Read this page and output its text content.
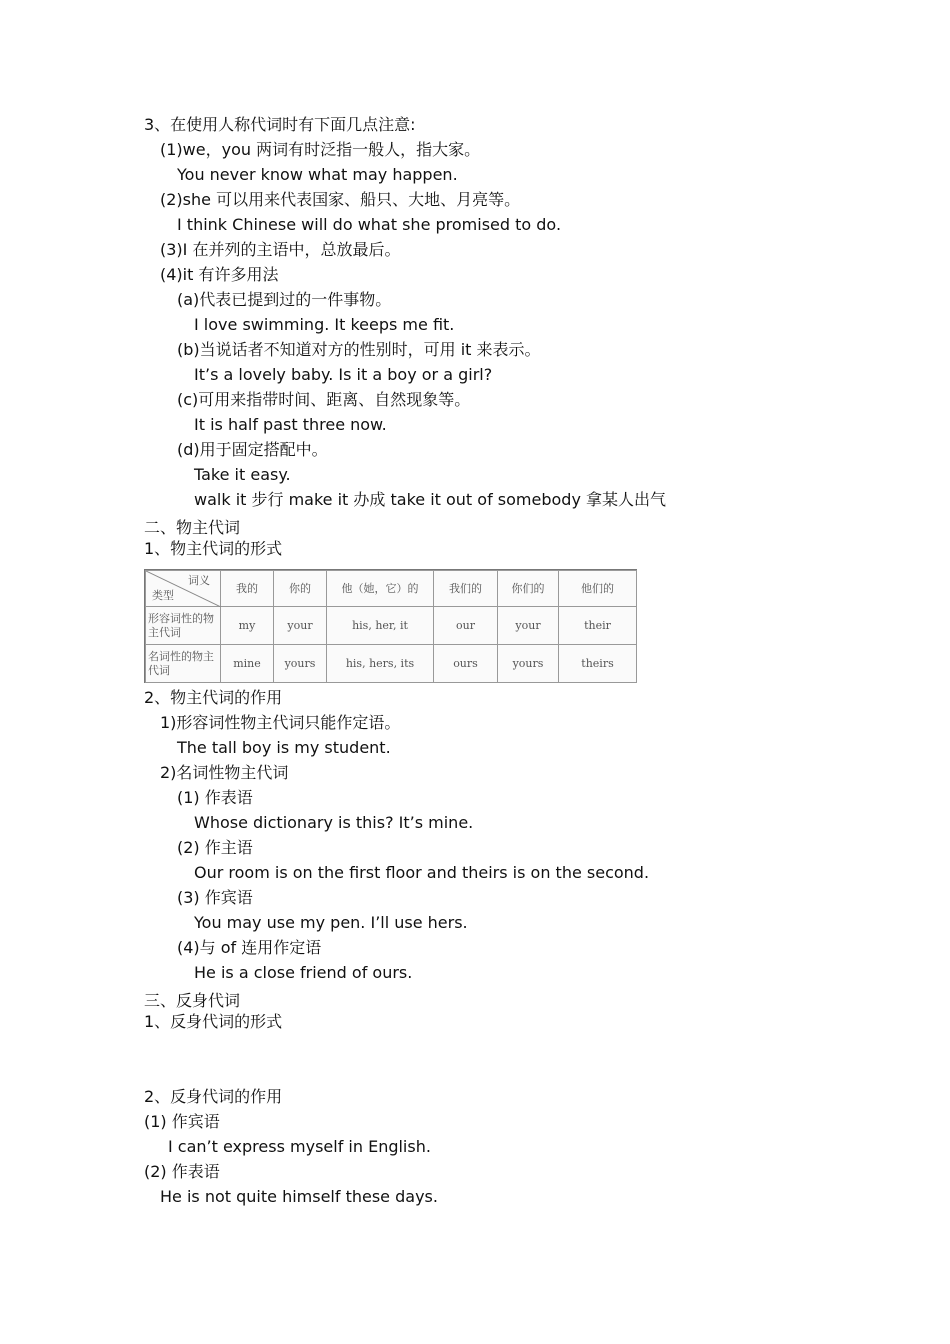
3、在使用人称代词时有下面几点注意:
(1)we，you 两词有时泛指一般人，指大家。
You never know what may happen.
(2)she 可以用来代表国家、船只、大地、月亮等。
I think Chinese will do what she promised to do.
(3)I 在并列的主语中，总放最后。
(4)it 有许多用法
(a)代表已提到过的一件事物。
I love swimming. It keeps me fit.
(b)当说话者不知道对方的性别时，可用 it 来表示。
It’s a lovely baby. Is it a boy or a girl?
(c)可用来指带时间、距离、自然现象等。
It is half past three now.
(d)用于固定搭配中。
Take it easy.
walk it 步行 make it 办成 take it out of somebody 拿某人出气
二、物主代词
1、物主代词的形式
2、物主代词的作用
1)形容词性物主代词只能作定语。
The tall boy is my student.
2)名词性物主代词
(1) 作表语
Whose dictionary is this? It’s mine.
(2) 作主语
Our room is on the first floor and theirs is on the second.
(3) 作宾语
You may use my pen. I’ll use hers.
(4)与 of 连用作定语
He is a close friend of ours.
三、反身代词
1、反身代词的形式
2、反身代词的作用
(1) 作宾语
I can’t express myself in English.
(2) 作表语
He is not quite himself these days.
词义
类型	我的	你的	他（她，它）的	我们的	你们的	他们的
形容词性的物主代词	my	your	his, her, it	our	your	their
名词性的物主代词	mine	yours	his, hers, its	ours	yours	theirs
